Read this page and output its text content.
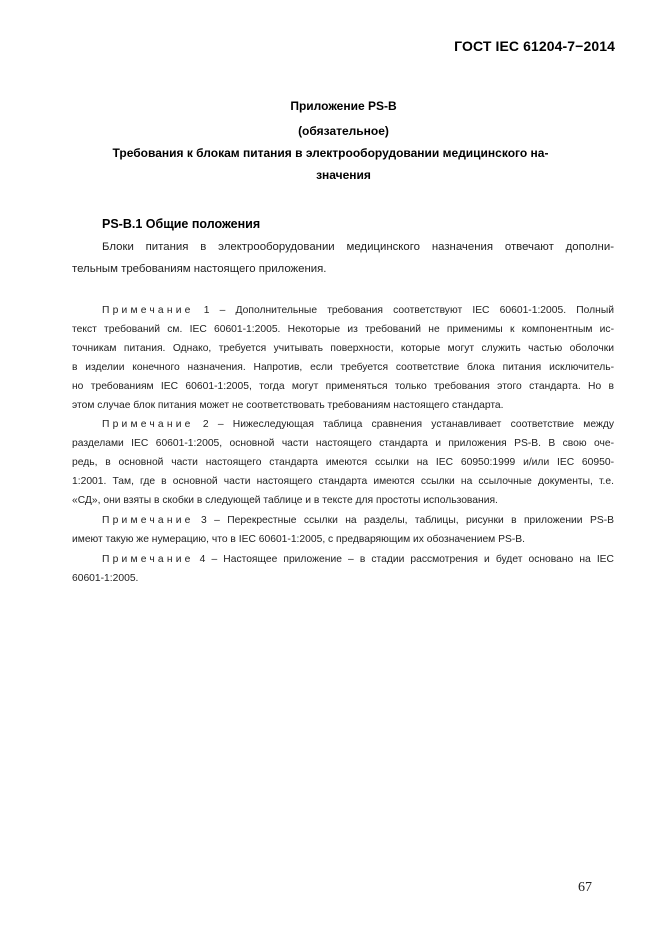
ГОСТ IEC 61204-7−2014
Приложение PS-B
(обязательное)
Требования к блокам питания в электрооборудовании медицинского на-
значения
PS-B.1 Общие положения
Блоки питания в электрооборудовании медицинского назначения отвечают дополни-
тельным требованиям настоящего приложения.
Примечание 1 – Дополнительные требования соответствуют IEC 60601-1:2005. Полный
текст требований см. IEC 60601-1:2005. Некоторые из требований не применимы к компонентным ис-
точникам питания. Однако, требуется учитывать поверхности, которые могут служить частью оболочки
в изделии конечного назначения. Напротив, если требуется соответствие блока питания исключитель-
но требованиям IEC 60601-1:2005, тогда могут применяться только требования этого стандарта. Но в
этом случае блок питания может не соответствовать требованиям настоящего стандарта.
Примечание 2 – Нижеследующая таблица сравнения устанавливает соответствие между
разделами IEC 60601-1:2005, основной части настоящего стандарта и приложения PS-B. В свою оче-
редь, в основной части настоящего стандарта имеются ссылки на IEC 60950:1999 и/или IEC 60950-
1:2001. Там, где в основной части настоящего стандарта имеются ссылки на ссылочные документы, т.е.
«СД», они взяты в скобки в следующей таблице и в тексте для простоты использования.
Примечание 3 – Перекрестные ссылки на разделы, таблицы, рисунки в приложении PS-B
имеют такую же нумерацию, что в IEC 60601-1:2005, с предваряющим их обозначением PS-B.
Примечание 4 – Настоящее приложение – в стадии рассмотрения и будет основано на IEC
60601-1:2005.
67
